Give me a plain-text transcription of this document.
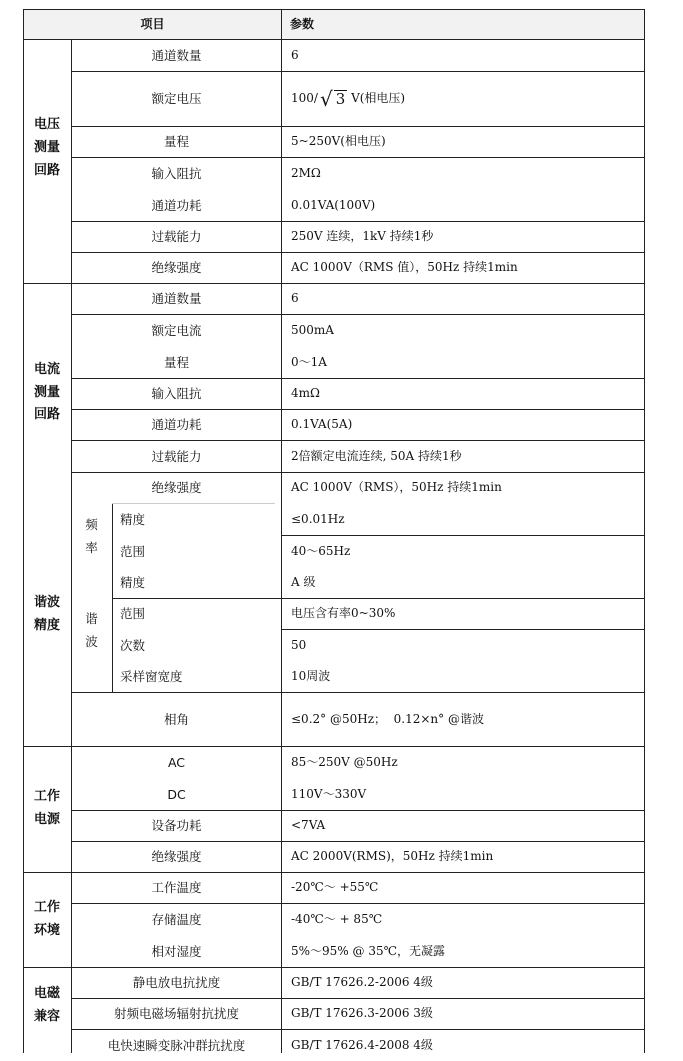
项目	参数
电压
测量
回路
电流
测量
回路
谐波
精度
工作
电源
工作
环境
电磁
兼容
频
率
谐
波
通道数量
额定电压
量程
输入阻抗
通道功耗
过载能力
绝缘强度
通道数量
额定电流
量程
输入阻抗
通道功耗
过载能力
绝缘强度
精度
范围
精度
范围
次数
采样窗宽度
相角
AC
DC
设备功耗
绝缘强度
工作温度
存储温度
相对湿度
静电放电抗扰度
射频电磁场辐射抗扰度
电快速瞬变脉冲群抗扰度
6
100/ √ 3 V(相电压)
5~250V(相电压)
2MΩ
0.01VA(100V)
250V 连续，1kV 持续1秒
AC 1000V（RMS 值），50Hz 持续1min
6
500mA
0～1A
4mΩ
0.1VA(5A)
2倍额定电流连续, 50A 持续1秒
AC 1000V（RMS），50Hz 持续1min
≤0.01Hz
40～65Hz
A 级
电压含有率0~30%
50
10周波
≤0.2° @50Hz；  0.12×n° @谐波
85～250V @50Hz
110V～330V
<7VA
AC 2000V(RMS)，50Hz 持续1min
-20℃～ +55℃
-40℃～ + 85℃
5%～95% @ 35℃，无凝露
GB/T 17626.2-2006 4级
GB/T 17626.3-2006 3级
GB/T 17626.4-2008 4级
